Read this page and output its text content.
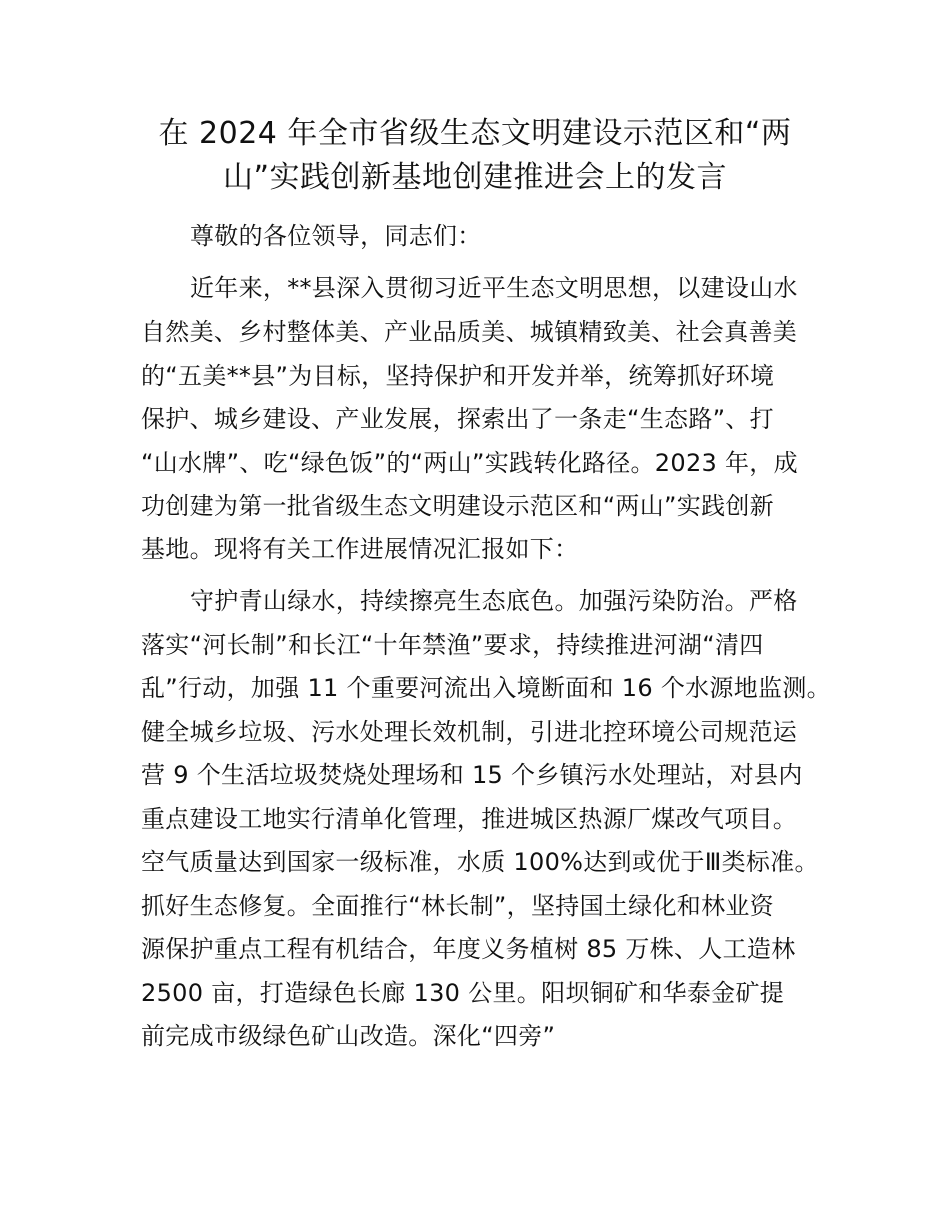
在 2024 年全市省级生态文明建设示范区和“两
山”实践创新基地创建推进会上的发言
尊敬的各位领导，同志们：
近年来，**县深入贯彻习近平生态文明思想，以建设山水
自然美、乡村整体美、产业品质美、城镇精致美、社会真善美
的“五美**县”为目标，坚持保护和开发并举，统筹抓好环境
保护、城乡建设、产业发展，探索出了一条走“生态路”、打
“山水牌”、吃“绿色饭”的“两山”实践转化路径。2023 年，成
功创建为第一批省级生态文明建设示范区和“两山”实践创新
基地。现将有关工作进展情况汇报如下：
守护青山绿水，持续擦亮生态底色。加强污染防治。严格
落实“河长制”和长江“十年禁渔”要求，持续推进河湖“清四
乱”行动，加强 11 个重要河流出入境断面和 16 个水源地监测。
健全城乡垃圾、污水处理长效机制，引进北控环境公司规范运
营 9 个生活垃圾焚烧处理场和 15 个乡镇污水处理站，对县内
重点建设工地实行清单化管理，推进城区热源厂煤改气项目。
空气质量达到国家一级标准，水质 100%达到或优于Ⅲ类标准。
抓好生态修复。全面推行“林长制”，坚持国土绿化和林业资
源保护重点工程有机结合，年度义务植树 85 万株、人工造林
2500 亩，打造绿色长廊 130 公里。阳坝铜矿和华泰金矿提
前完成市级绿色矿山改造。深化“四旁”
